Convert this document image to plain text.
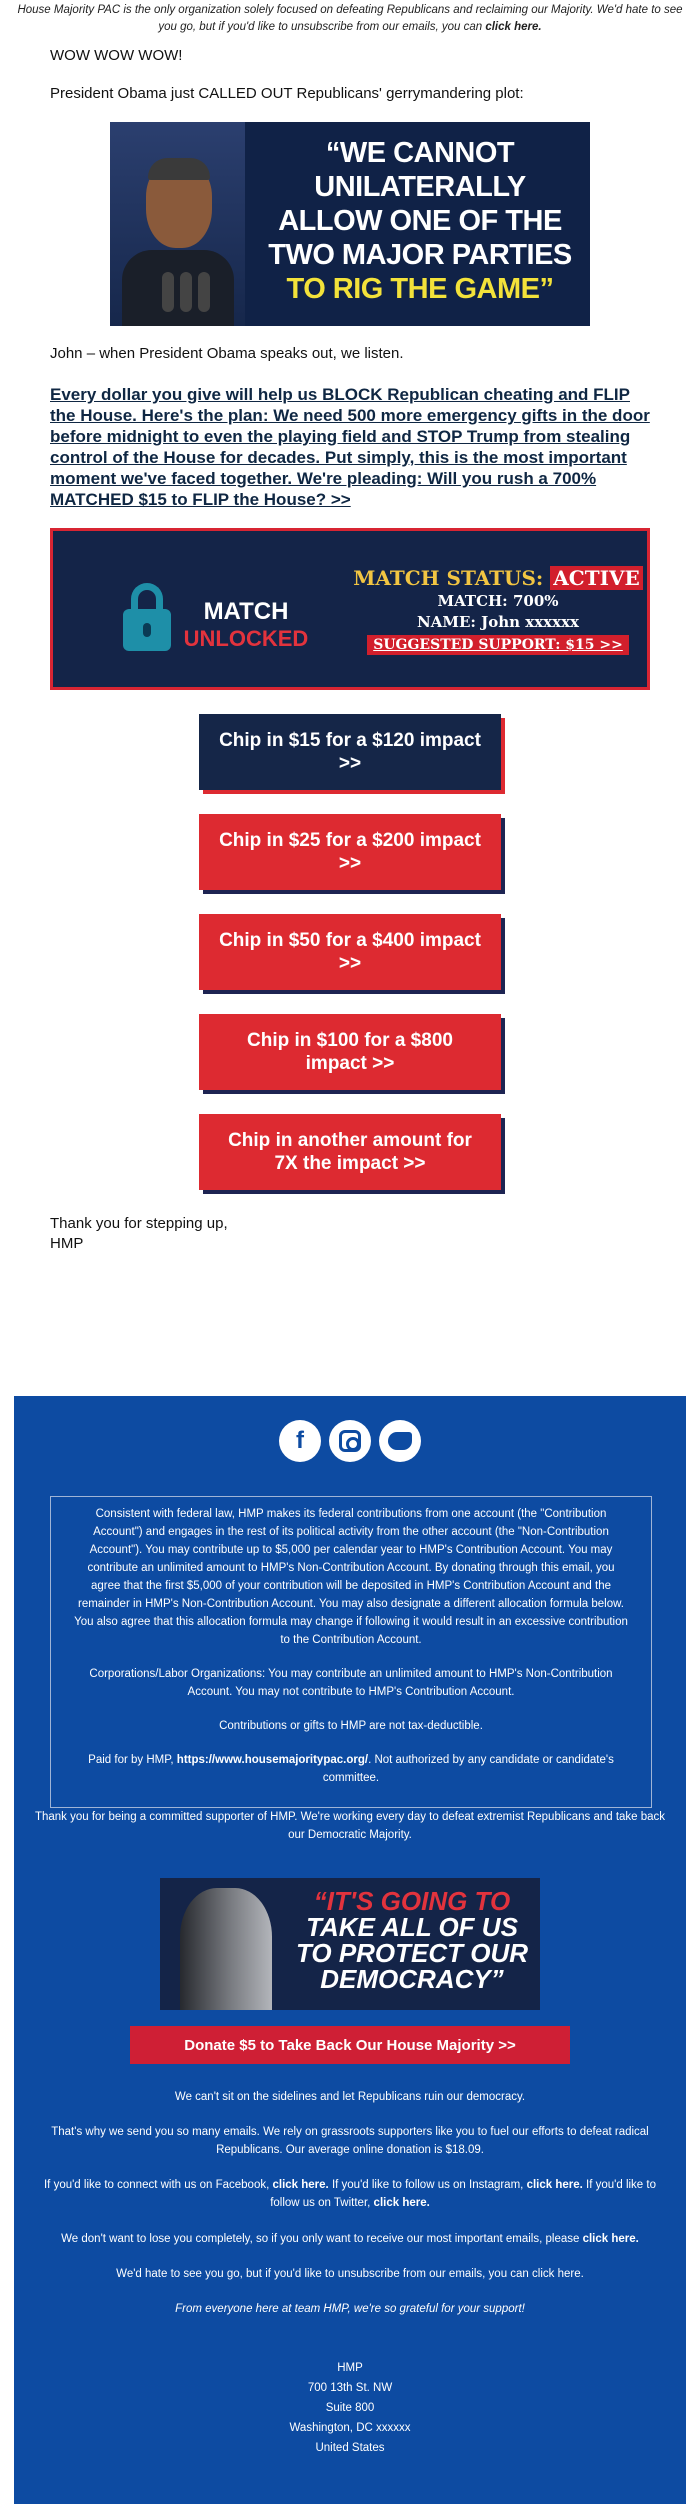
House Majority PAC is the only organization solely focused on defeating Republicans and reclaiming our Majority. We'd hate to see you go, but if you'd like to unsubscribe from our emails, you can click here.
WOW WOW WOW!
President Obama just CALLED OUT Republicans' gerrymandering plot:
“WE CANNOT UNILATERALLY ALLOW ONE OF THE TWO MAJOR PARTIES
TO RIG THE GAME”
John – when President Obama speaks out, we listen.
Every dollar you give will help us BLOCK Republican cheating and FLIP the House. Here's the plan: We need 500 more emergency gifts in the door before midnight to even the playing field and STOP Trump from stealing control of the House for decades. Put simply, this is the most important moment we've faced together. We're pleading: Will you rush a 700% MATCHED $15 to FLIP the House? >>
MATCH
UNLOCKED
MATCH STATUS: ACTIVE
MATCH: 700%
NAME: John xxxxxx
SUGGESTED SUPPORT: $15 >>
Chip in $15 for a $120 impact >>
Chip in $25 for a $200 impact >>
Chip in $50 for a $400 impact >>
Chip in $100 for a $800 impact >>
Chip in another amount for 7X the impact >>
Thank you for stepping up,
HMP
f

Consistent with federal law, HMP makes its federal contributions from one account (the "Contribution Account") and engages in the rest of its political activity from the other account (the "Non-Contribution Account"). You may contribute up to $5,000 per calendar year to HMP's Contribution Account. You may contribute an unlimited amount to HMP's Non-Contribution Account. By donating through this email, you agree that the first $5,000 of your contribution will be deposited in HMP's Contribution Account and the remainder in HMP's Non-Contribution Account. You may also designate a different allocation formula below. You also agree that this allocation formula may change if following it would result in an excessive contribution to the Contribution Account.

Corporations/Labor Organizations: You may contribute an unlimited amount to HMP's Non-Contribution Account. You may not contribute to HMP's Contribution Account.

Contributions or gifts to HMP are not tax-deductible.

Paid for by HMP, https://www.housemajoritypac.org/. Not authorized by any candidate or candidate's committee.

Thank you for being a committed supporter of HMP. We're working every day to defeat extremist Republicans and take back our Democratic Majority.
“IT'S GOING TO
TAKE ALL OF US
TO PROTECT OUR
DEMOCRACY”
Donate $5 to Take Back Our House Majority >>
We can't sit on the sidelines and let Republicans ruin our democracy.
That's why we send you so many emails. We rely on grassroots supporters like you to fuel our efforts to defeat radical Republicans. Our average online donation is $18.09.
If you'd like to connect with us on Facebook, click here. If you'd like to follow us on Instagram, click here. If you'd like to follow us on Twitter, click here.
We don't want to lose you completely, so if you only want to receive our most important emails, please click here.
We'd hate to see you go, but if you'd like to unsubscribe from our emails, you can click here.
From everyone here at team HMP, we're so grateful for your support!
HMP
700 13th St. NW
Suite 800
Washington, DC xxxxxx
United States
